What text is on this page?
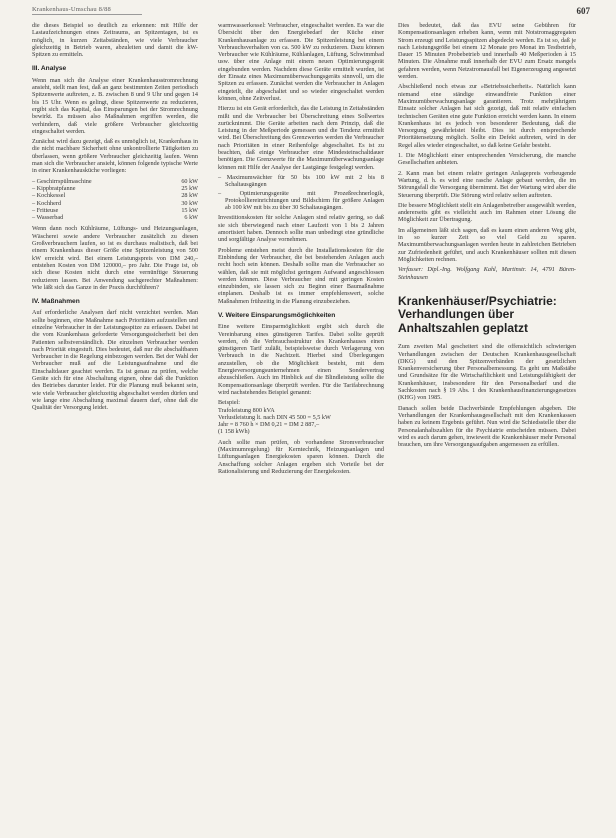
Krankenhaus-Umschau 8/88	607

die dieses Beispiel so deutlich zu erkennen: mit Hilfe der Lastaufzeichnungen eines Zeitraums, an Spitzentagen, ist es möglich, in kurzen Zeitabständen, wie viele Verbraucher gleichzeitig in Betrieb waren, abzuleiten und damit die kW-Spitzen zu ermitteln.

III. Analyse

Wenn man sich die Analyse einer Krankenhausstromrechnung ansieht, stellt man fest, daß an ganz bestimmten Zeiten periodisch Spitzenwerte auftreten, z. B. zwischen 8 und 9 Uhr und gegen 14 bis 15 Uhr. Wenn es gelingt, diese Spitzenwerte zu reduzieren, ergibt sich das Kapital, das Einsparungen bei der Stromrechnung bewirkt. Es müssen also Maßnahmen ergriffen werden, die verhindern, daß viele größere Verbraucher gleichzeitig eingeschaltet werden.

Zunächst wird dazu gezeigt, daß es unmöglich ist, Krankenhaus in die nicht machbare Sicherheit ohne unkontrollierte Tätigkeiten zu überlassen, wenn größere Verbraucher gleichzeitig laufen. Wenn man sich die Verbraucher ansieht, können folgende typische Werte in einer Krankenhausküche vorliegen:

– Geschirrspülmaschine	60 kW
– Kippbratpfanne	25 kW
– Kochkessel	28 kW
– Kochherd	30 kW
– Fritteuse	15 kW
– Wasserbad	6 kW

Wenn dann noch Kühlräume, Lüftungs- und Heizungsanlagen, Wäscherei sowie andere Verbraucher zusätzlich zu diesen Großverbrauchern laufen, so ist es durchaus realistisch, daß bei einem Krankenhaus dieser Größe eine Spitzenleistung von 500 kW erreicht wird. Bei einem Leistungspreis von DM 240,– entstehen Kosten von DM 120000,– pro Jahr. Die Frage ist, ob sich diese Kosten nicht durch eine vernünftige Steuerung reduzieren lassen. Bei Anwendung sachgerechter Maßnahmen: Wie läßt sich das Ganze in der Praxis durchführen?

IV. Maßnahmen

Auf erforderliche Analysen darf nicht verzichtet werden. Man sollte beginnen, eine Maßnahme nach Prioritäten aufzustellen und einzelne Verbraucher in der Leistungsspitze zu erfassen. Dabei ist die vom Krankenhaus geforderte Versorgungssicherheit bei den Patienten selbstverständlich. Die einzelnen Verbraucher werden nach Priorität eingestuft. Dies bedeutet, daß nur die abschaltbaren Verbraucher in die Regelung einbezogen werden. Bei der Wahl der Verbraucher muß auf die Leistungsaufnahme und die Einschaltdauer geachtet werden. Es ist genau zu prüfen, welche Geräte sich für eine Abschaltung eignen, ohne daß die Funktion des Betriebes darunter leidet. Für die Planung muß bekannt sein, wie viele Verbraucher gleichzeitig abgeschaltet werden dürfen und wie lange eine Abschaltung maximal dauern darf, ohne daß die Qualität der Versorgung leidet.

warmwasserkessel: Verbraucher, eingeschaltet werden. Es war die Übersicht über den Energiebedarf der Küche einer Krankenhausanlage zu erfassen. Die Spitzenleistung bei einem Verbrauchsverhalten von ca. 500 kW zu reduzieren. Dazu können Verbraucher wie Kühlräume, Kühlanlagen, Lüftung, Schwimmbad usw. über eine Anlage mit einem neuen Optimierungsgerät eingebunden werden. Nachdem diese Geräte ermittelt wurden, ist der Einsatz eines Maximumüberwachungsgeräts sinnvoll, um die Spitzen zu erfassen. Zunächst werden die Verbraucher in Anlagen eingeteilt, die abgeschaltet und so wieder eingeschaltet werden können, ohne Zeitverlust.

Hierzu ist ein Gerät erforderlich, das die Leistung in Zeitabständen mißt und die Verbraucher bei Überschreitung eines Sollwertes zurücknimmt. Die Geräte arbeiten nach dem Prinzip, daß die Leistung in der Meßperiode gemessen und die Tendenz ermittelt wird. Bei Überschreitung des Grenzwertes werden die Verbraucher nach Prioritäten in einer Reihenfolge abgeschaltet. Es ist zu beachten, daß einige Verbraucher eine Mindesteinschaltdauer benötigen. Die Grenzwerte für die Maximumüberwachungsanlage können mit Hilfe der Analyse der Lastgänge festgelegt werden.

– Maximumwächter für 50 bis 100 kW mit 2 bis 8 Schaltausgängen
– Optimierungsgeräte mit Prozeßrechnerlogik, Protokolliereinrichtungen und Bildschirm für größere Anlagen ab 100 kW mit bis zu über 30 Schaltausgängen.

Investitionskosten für solche Anlagen sind relativ gering, so daß sie sich überwiegend nach einer Laufzeit von 1 bis 2 Jahren amortisiert haben. Dennoch sollte man unbedingt eine gründliche und sorgfältige Analyse vornehmen.

Probleme entstehen meist durch die Installationskosten für die Einbindung der Verbraucher, die bei bestehenden Anlagen auch recht hoch sein können. Deshalb sollte man die Verbraucher so wählen, daß sie mit möglichst geringem Aufwand angeschlossen werden können. Diese Verbraucher sind mit geringen Kosten einzubinden, sie lassen sich zu Beginn einer Baumaßnahme einplanen. Deshalb ist es immer empfehlenswert, solche Maßnahmen frühzeitig in die Planung einzubeziehen.

V. Weitere Einsparungsmöglichkeiten

Eine weitere Einsparmöglichkeit ergibt sich durch die Vereinbarung eines günstigeren Tarifes. Dabei sollte geprüft werden, ob die Verbrauchsstruktur des Krankenhauses einen günstigeren Tarif zuläßt, beispielsweise durch Verlagerung von Verbrauch in die Nachtzeit. Hierbei sind Überlegungen anzustellen, ob die Möglichkeit besteht, mit dem Energieversorgungsunternehmen einen Sondervertrag abzuschließen. Auch im Hinblick auf die Blindleistung sollte die Kompensationsanlage überprüft werden. Für die Tarifabrechnung wird nachstehendes Beispiel genannt:

Beispiel:
Trafoleistung 800 kVA
Verlustleistung lt. nach DIN 45 500 = 5,5 kW
Jahr = 8 760 h × DM 0,21 = DM 2 887,–
(1 158 kWh)

Auch sollte man prüfen, ob vorhandene Stromverbraucher (Maximumregelung) für Kerntechnik, Heizungsanlagen und Lüftungsanlagen Energiekosten sparen können. Durch die Anschaffung solcher Anlagen ergeben sich Vorteile bei der Rationalisierung und Reduzierung der Energiekosten.

Dies bedeutet, daß das EVU seine Gebühren für Kompensationsanlagen erheben kann, wenn mit Notstromaggregaten Strom erzeugt und Leistungsspitzen abgedeckt werden. Es ist so, daß je nach Leistungsgröße bei einem 12 Monate pro Monat im Testbetrieb, Dauer 15 Minuten Probebetrieb und innerhalb 40 Meßperioden à 15 Minuten. Die Abnahme muß innerhalb der EVU zum Ersatz mangels gefahren werden, wenn Netzstromausfall bei Eigenerzeugung angesetzt werden.

Abschließend noch etwas zur »Betriebssicherheit«. Natürlich kann niemand eine ständige einwandfreie Funktion einer Maximumüberwachungsanlage garantieren. Trotz mehrjährigem Einsatz solcher Anlagen hat sich gezeigt, daß mit relativ einfachen technischen Geräten eine gute Funktion erreicht werden kann. In einem Krankenhaus ist es jedoch von besonderer Bedeutung, daß die Versorgung gewährleistet bleibt. Dies ist durch entsprechende Prioritätensetzung möglich. Sollte ein Defekt auftreten, wird in der Regel alles wieder eingeschaltet, so daß keine Gefahr besteht.

1. Die Möglichkeit einer entsprechenden Versicherung, die manche Gesellschaften anbieten.

2. Kann man bei einem relativ geringen Anlagepreis vorbeugende Wartung, d. h. es wird eine rasche Anlage gebaut werden, die im Störungsfall die Versorgung übernimmt. Bei der Wartung wird aber die Steuerung überprüft. Die Störung wird relativ selten auftreten.

Die bessere Möglichkeit stellt ein Anlagenbetreiber ausgewählt werden, andererseits gibt es vielleicht auch im Rahmen einer Lösung die Möglichkeit zur Übertragung.

Im allgemeinen läßt sich sagen, daß es kaum einen anderen Weg gibt, in so kurzer Zeit so viel Geld zu sparen. Maximumüberwachungsanlagen werden heute in zahlreichen Betrieben zur Zufriedenheit geführt, und auch Krankenhäuser sollten mit diesen Möglichkeiten rechnen.

Verfasser: Dipl.-Ing. Wolfgang Kahl, Martinstr. 14, 4791 Büren-Steinhausen

Krankenhäuser/Psychiatrie: Verhandlungen über Anhaltszahlen geplatzt

Zum zweiten Mal gescheitert sind die offensichtlich schwierigen Verhandlungen zwischen der Deutschen Krankenhausgesellschaft (DKG) und den Spitzenverbänden der gesetzlichen Krankenversicherung über Personalbemessung. Es geht um Maßstäbe und Grundsätze für die Wirtschaftlichkeit und Leistungsfähigkeit der Krankenhäuser, insbesondere für den Personalbedarf und die Sachkosten nach § 19 Abs. 1 des Krankenhausfinanzierungsgesetzes (KHG) von 1985.

Danach sollen beide Dachverbände Empfehlungen abgeben. Die Verhandlungen der Krankenhausgesellschaft mit den Krankenkassen haben zu keinem Ergebnis geführt. Nun wird die Schiedsstelle über die Personalanhaltszahlen für die Psychiatrie entscheiden müssen. Dabei wird es auch darum gehen, inwieweit die Krankenhäuser mehr Personal brauchen, um ihre Versorgungsaufgaben angemessen zu erfüllen.
